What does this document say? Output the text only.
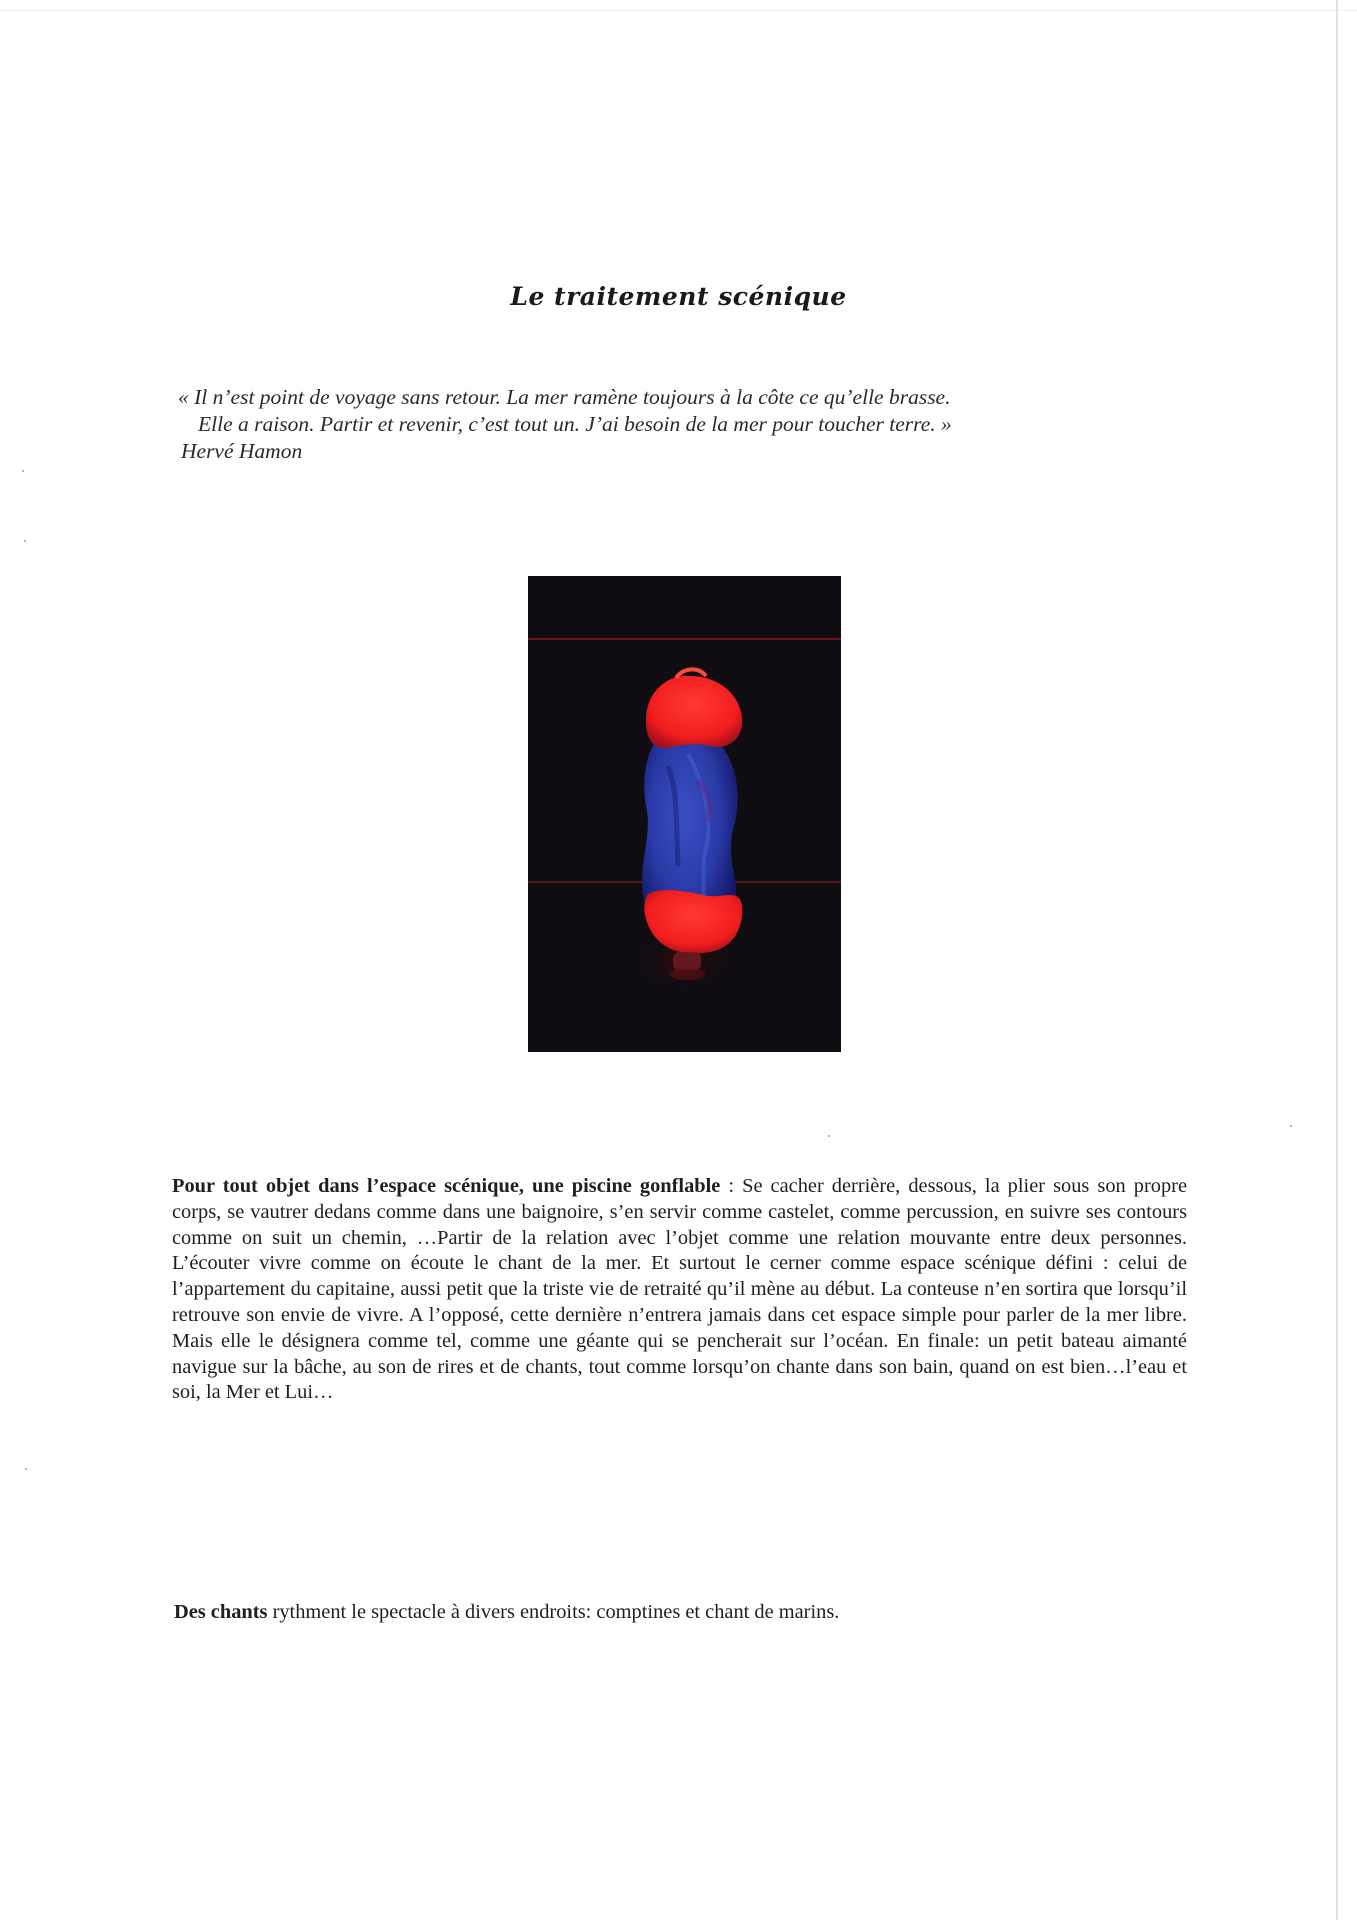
Le traitement scénique
« Il n’est point de voyage sans retour. La mer ramène toujours à la côte ce qu’elle brasse.
Elle a raison. Partir et revenir, c’est tout un. J’ai besoin de la mer pour toucher terre. »
Hervé Hamon

Pour tout objet dans l’espace scénique, une piscine gonflable : Se cacher derrière, dessous, la plier sous son propre corps, se vautrer dedans comme dans une baignoire, s’en servir comme castelet, comme percussion, en suivre ses contours comme on suit un chemin, …Partir de la relation avec l’objet comme une relation mouvante entre deux personnes. L’écouter vivre comme on écoute le chant de la mer. Et surtout le cerner comme espace scénique défini : celui de l’appartement du capitaine, aussi petit que la triste vie de retraité qu’il mène au début. La conteuse n’en sortira que lorsqu’il retrouve son envie de vivre. A l’opposé, cette dernière n’entrera jamais dans cet espace simple pour parler de la mer libre. Mais elle le désignera comme tel, comme une géante qui se pencherait sur l’océan. En finale: un petit bateau aimanté navigue sur la bâche, au son de rires et de chants, tout comme lorsqu’on chante dans son bain, quand on est bien…l’eau et soi, la Mer et Lui…

Des chants rythment le spectacle à divers endroits: comptines et chant de marins.
